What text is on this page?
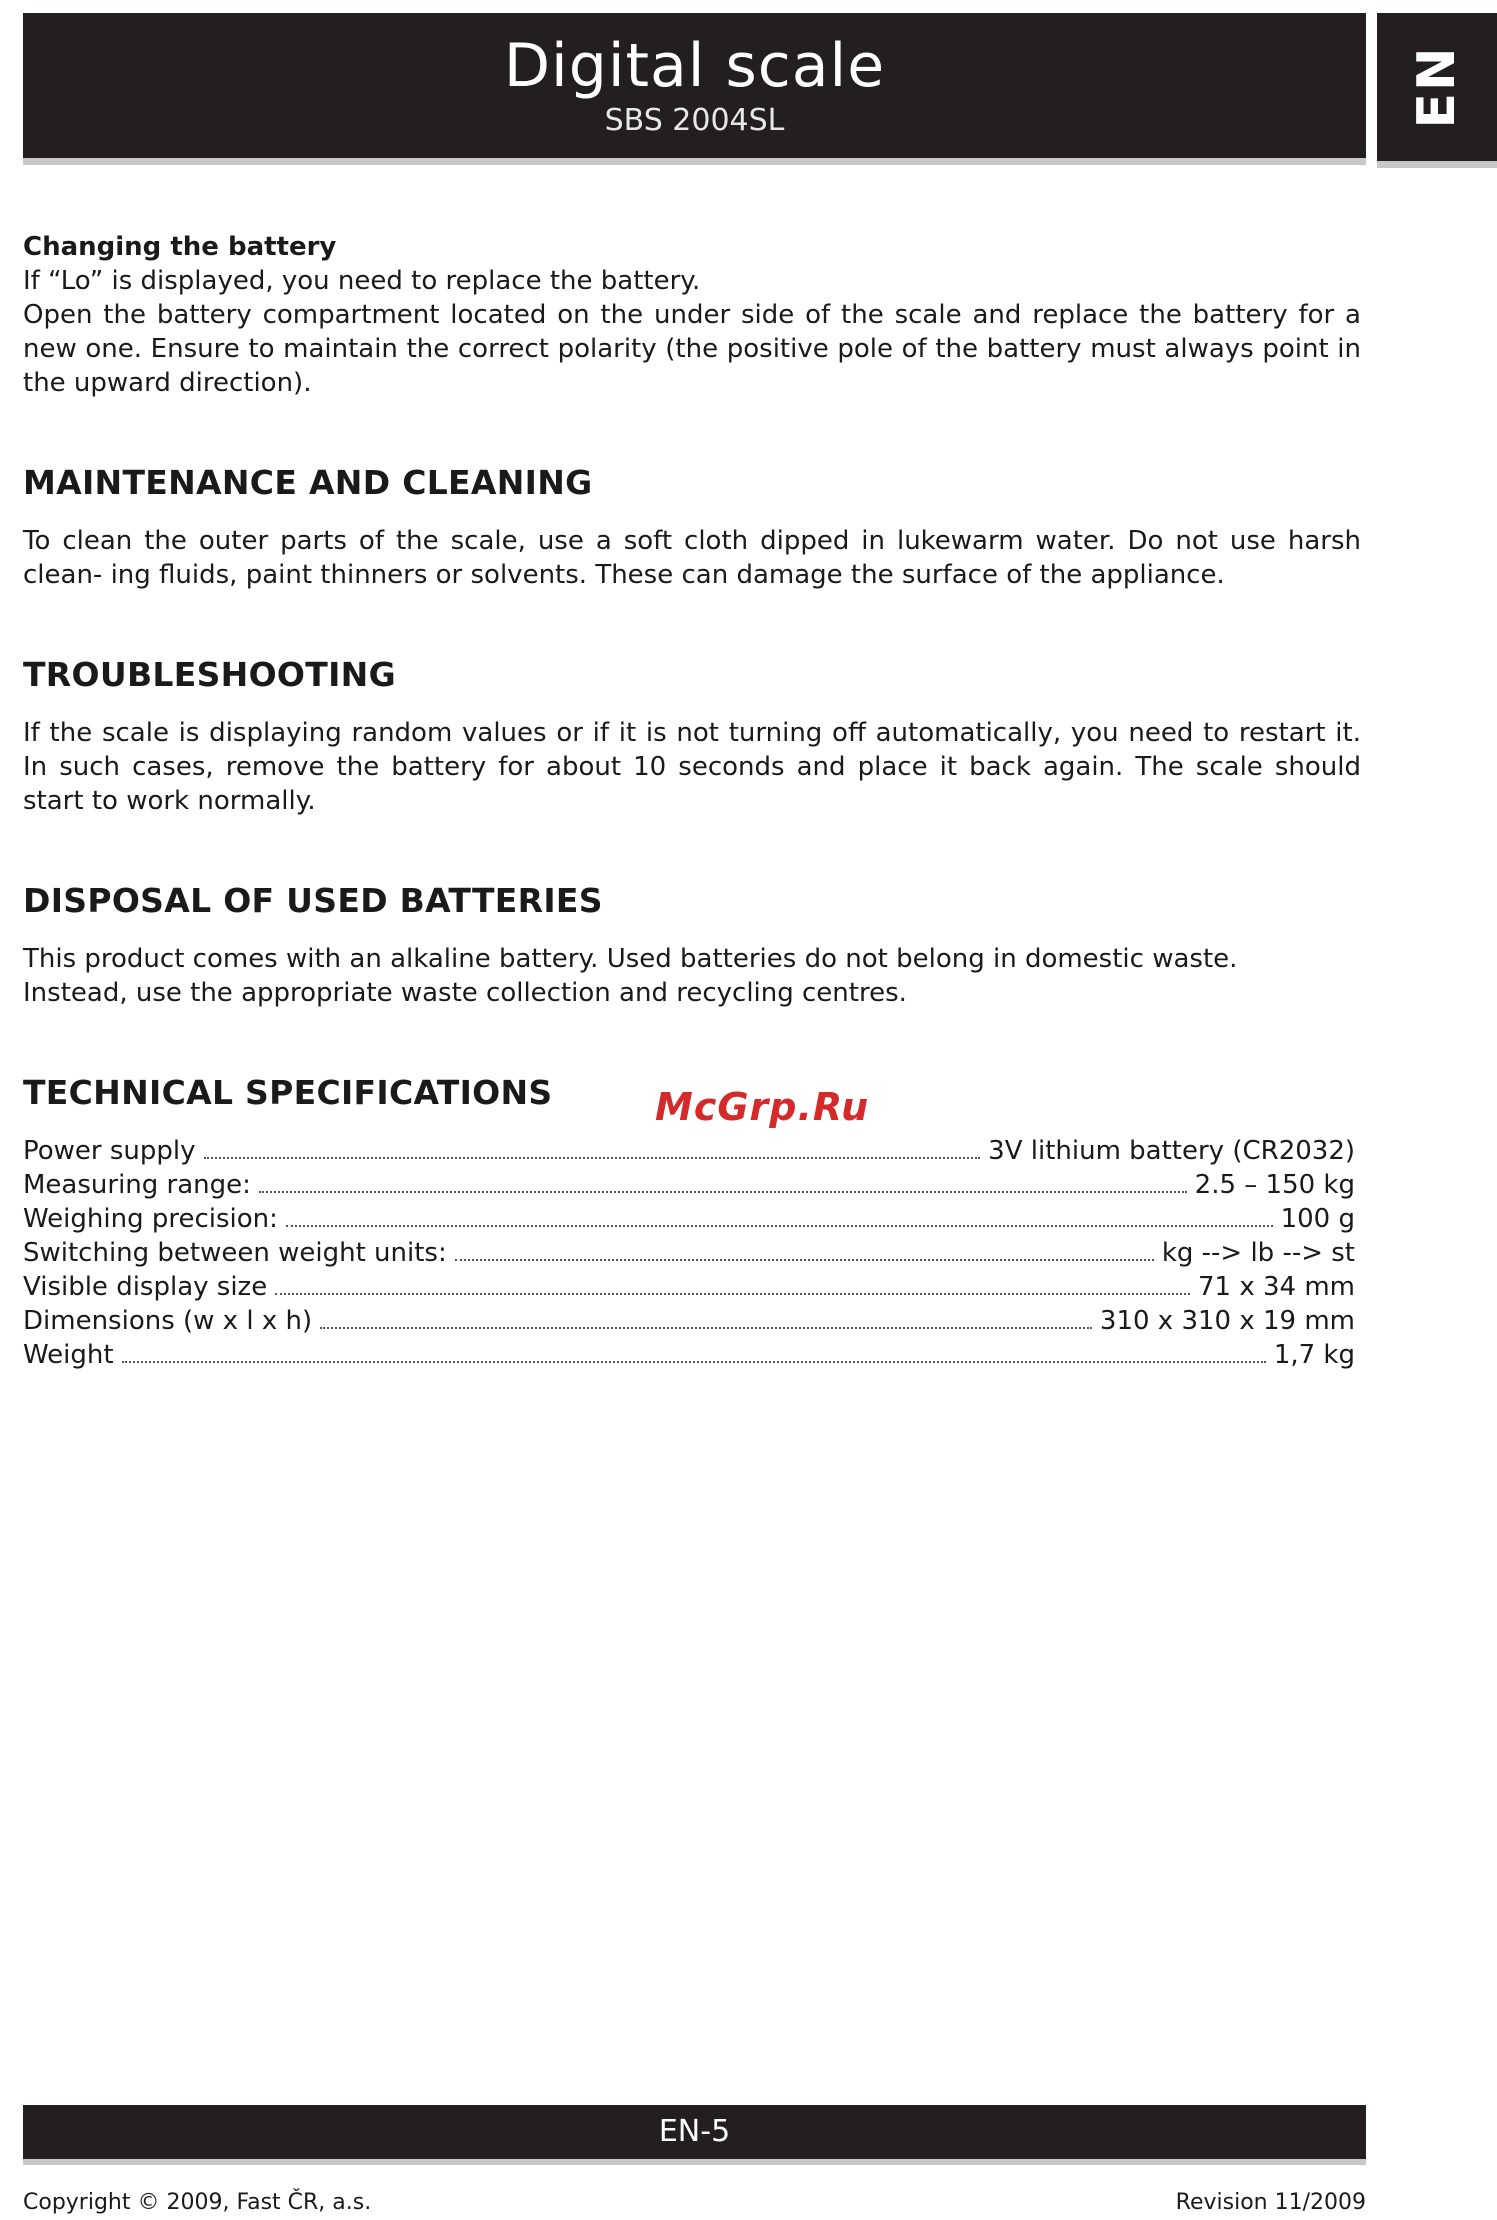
Digital scale
SBS 2004SL	EN
Changing the battery

If “Lo” is displayed, you need to replace the battery.

Open the battery compartment located on the under side of the scale and replace the battery for a new one. Ensure to maintain the correct polarity (the positive pole of the battery must always point in the upward direction).

MAINTENANCE AND CLEANING

To clean the outer parts of the scale, use a soft cloth dipped in lukewarm water. Do not use harsh clean- ing fluids, paint thinners or solvents. These can damage the surface of the appliance.

TROUBLESHOOTING

If the scale is displaying random values or if it is not turning off automatically, you need to restart it. In such cases, remove the battery for about 10 seconds and place it back again. The scale should start to work normally.

DISPOSAL OF USED BATTERIES

This product comes with an alkaline battery. Used batteries do not belong in domestic waste.

Instead, use the appropriate waste collection and recycling centres.

TECHNICAL SPECIFICATIONS
Power supply	3V lithium battery (CR2032)
Measuring range:	2.5 – 150 kg
Weighing precision:	100 g
Switching between weight units:	kg --> lb --> st
Visible display size	71 x 34 mm
Dimensions (w x l x h)	310 x 310 x 19 mm
Weight	1,7 kg
McGrp.Ru
EN-5
Copyright © 2009, Fast ČR, a.s.	Revision 11/2009
